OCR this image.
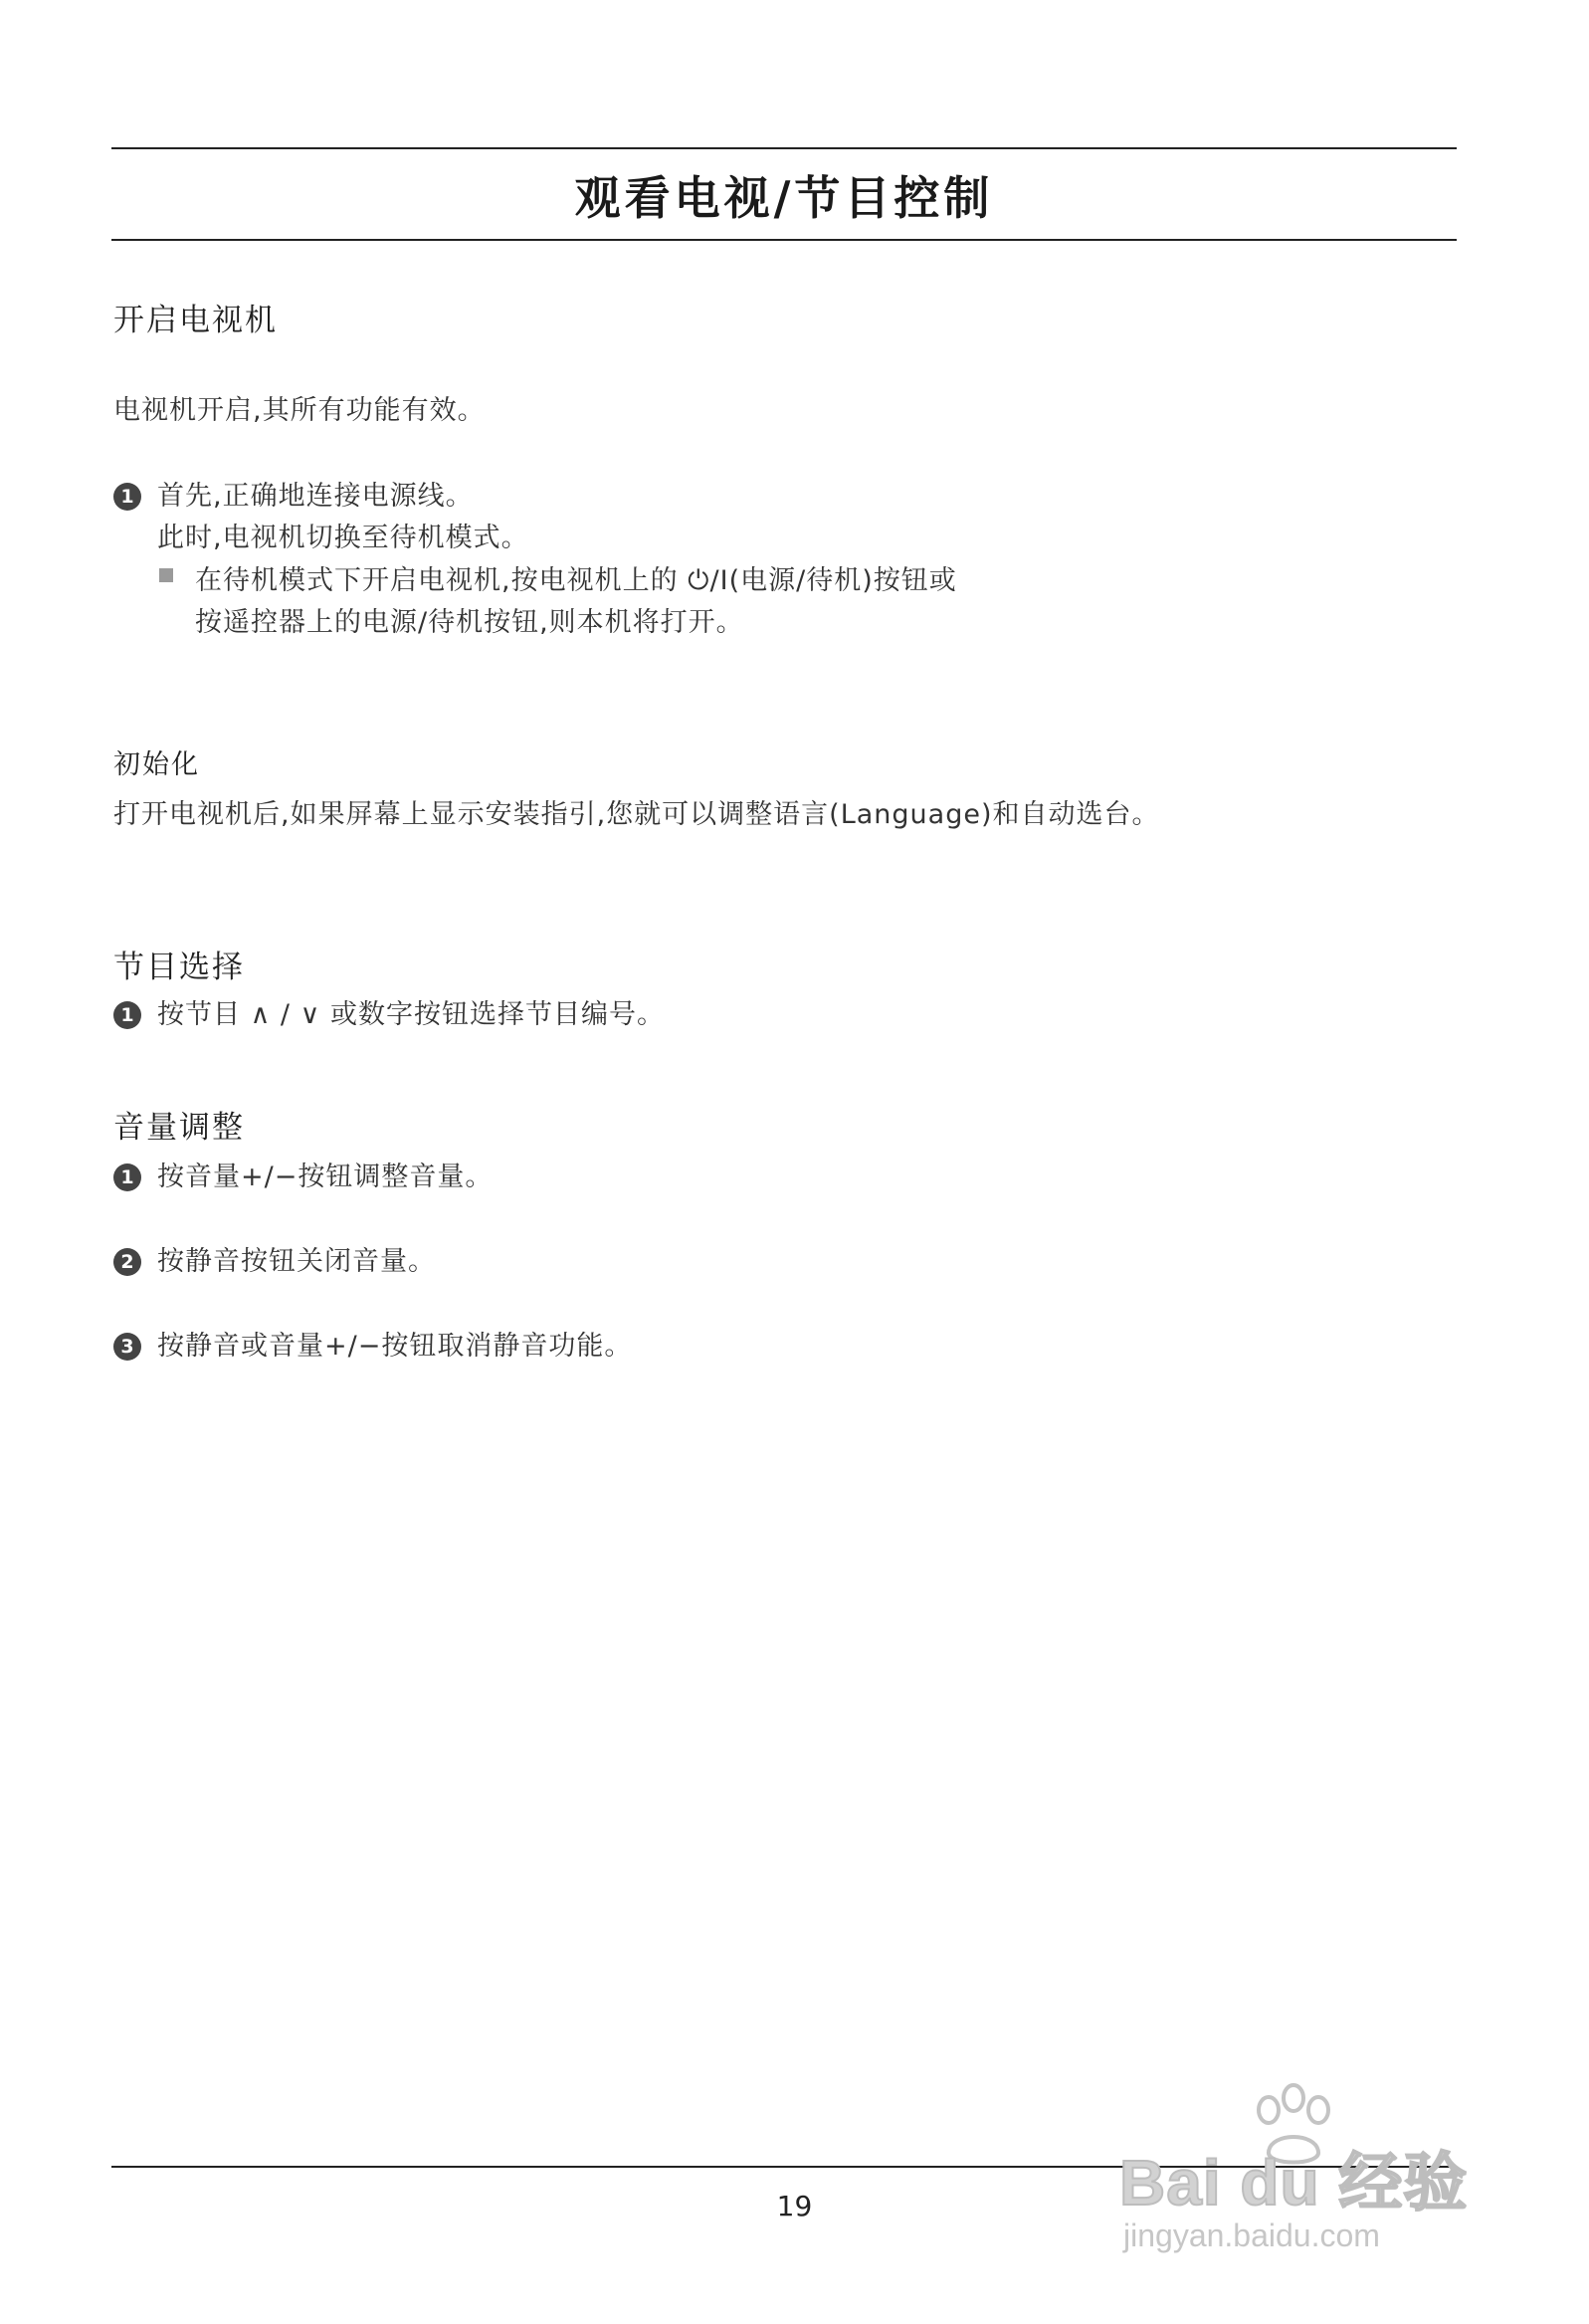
观看电视/节目控制
开启电视机
电视机开启,其所有功能有效。
1 首先,正确地连接电源线。
此时,电视机切换至待机模式。
在待机模式下开启电视机,按电视机上的 ⏻/I(电源/待机)按钮或
按遥控器上的电源/待机按钮,则本机将打开。
初始化
打开电视机后,如果屏幕上显示安装指引,您就可以调整语言(Language)和自动选台。
节目选择
1 按节目 ∧ / ∨ 或数字按钮选择节目编号。
音量调整
1 按音量+/−按钮调整音量。
2 按静音按钮关闭音量。
3 按静音或音量+/−按钮取消静音功能。
19	Bai du 经验
jingyan.baidu.com
